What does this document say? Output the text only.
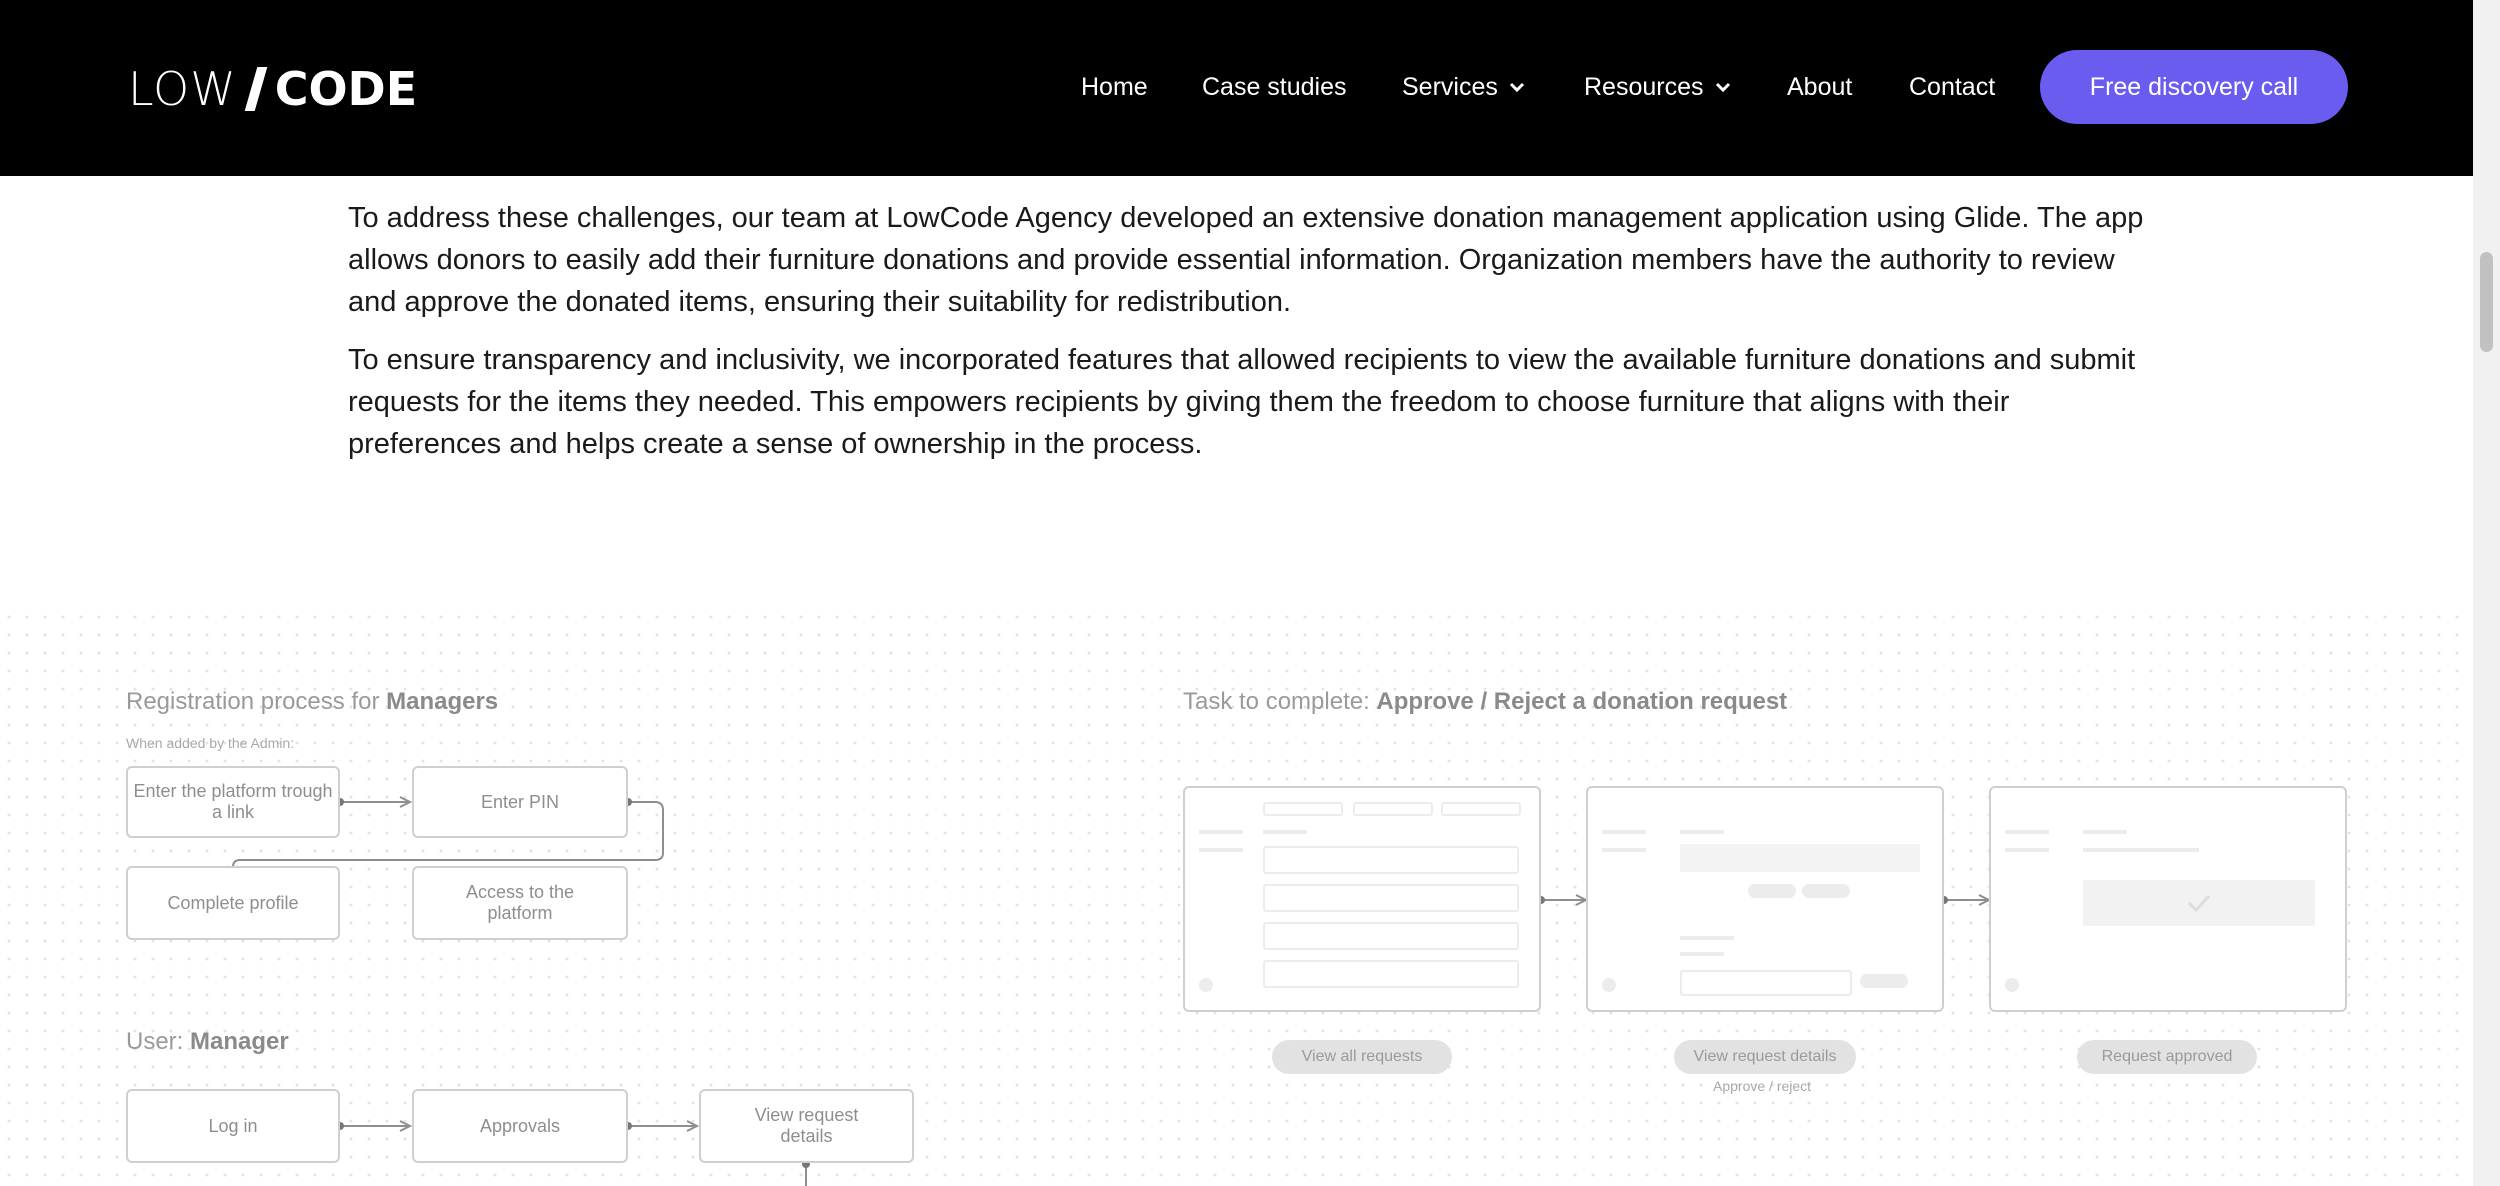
LOW CODE	Home Case studies Services	Resources	About Contact	Free discovery call

To address these challenges, our team at LowCode Agency developed an extensive donation management application using Glide. The app allows donors to easily add their furniture donations and provide essential information. Organization members have the authority to review and approve the donated items, ensuring their suitability for redistribution.

To ensure transparency and inclusivity, we incorporated features that allowed recipients to view the available furniture donations and submit requests for the items they needed. This empowers recipients by giving them the freedom to choose furniture that aligns with their preferences and helps create a sense of ownership in the process.

Registration process for Managers
When added by the Admin:
Enter the platform trough a link
Enter PIN
Complete profile
Access to the platform
User: Manager
Log in	Approvals
View request details
Task to complete: Approve / Reject a donation request
View all requests	View request details
Approve / reject
Request approved
